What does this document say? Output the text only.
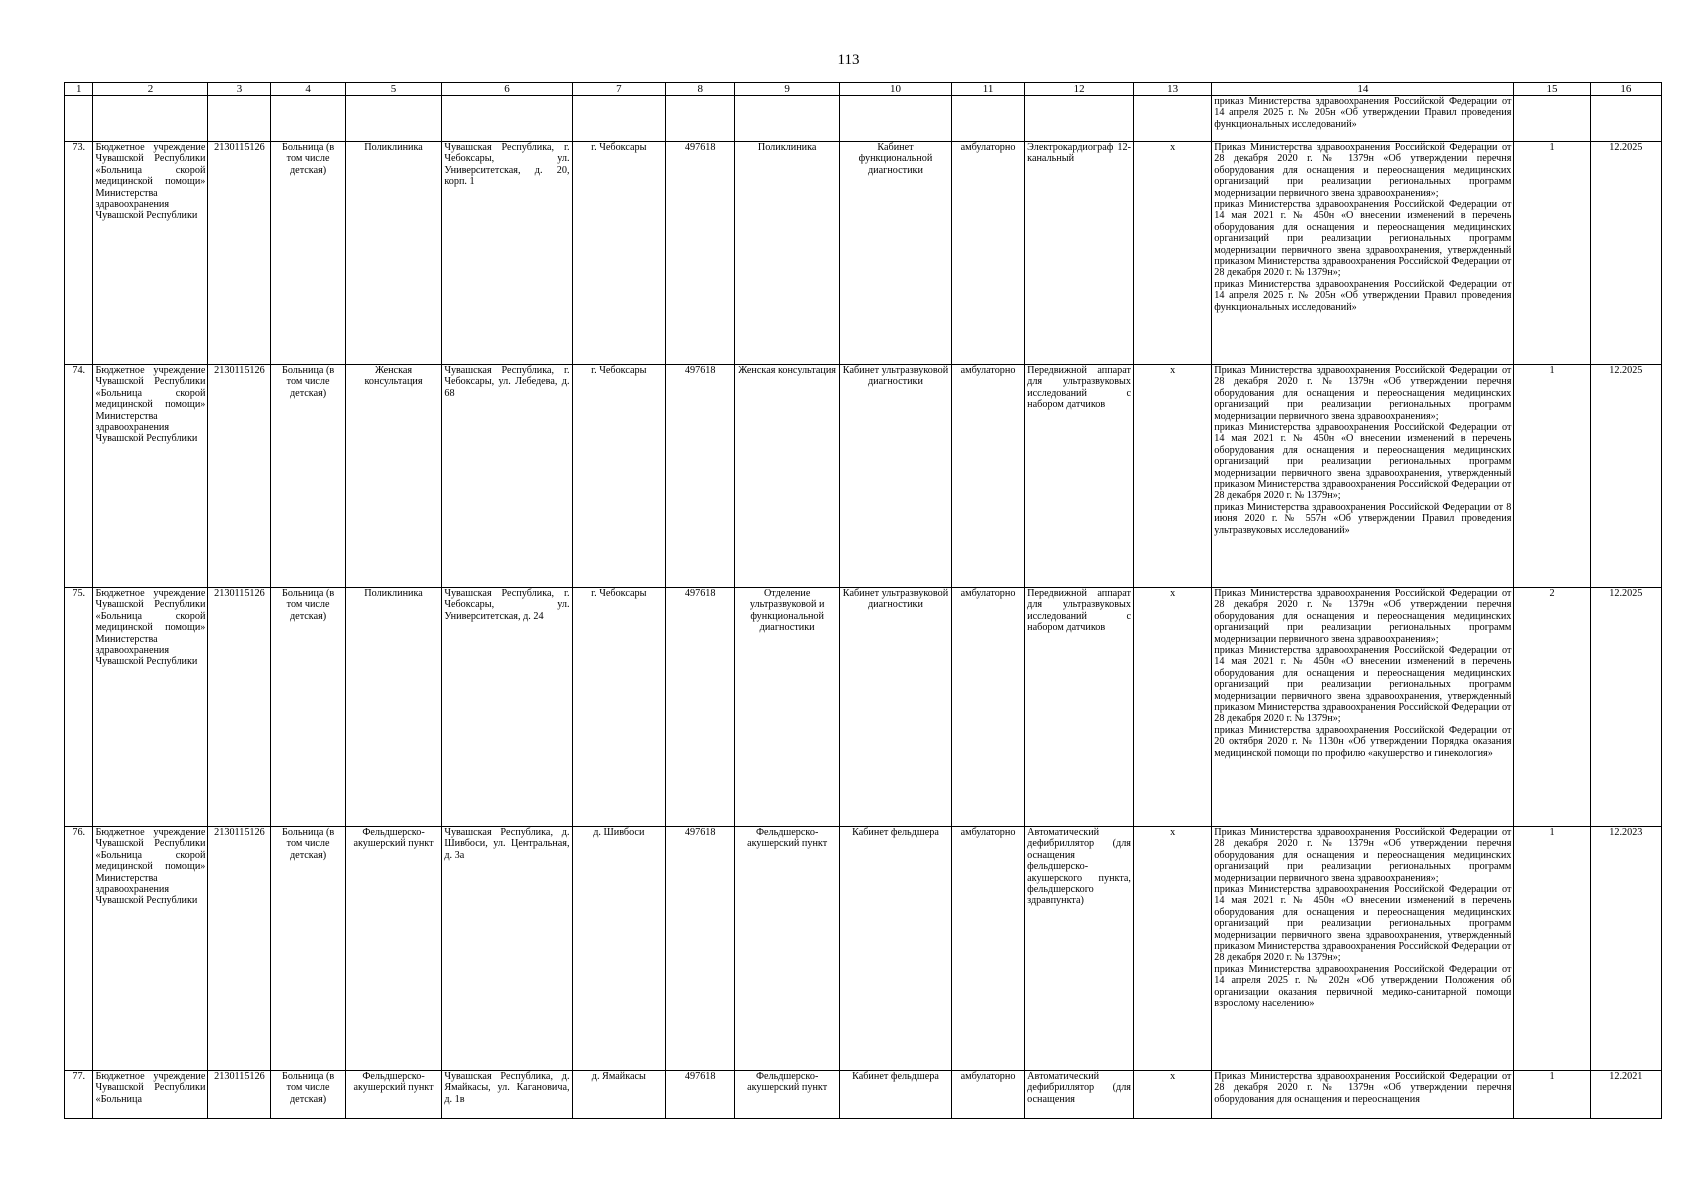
113
1	2	3	4	5	6	7	8	9	10	11	12	13	14	15	16
													приказ Министерства здравоохранения Российской Федерации от 14 апреля 2025 г. № 205н «Об утверждении Правил проведения функциональных исследований»		
73.	Бюджетное учреждение Чувашской Республики «Больница скорой медицинской помощи» Министерства здравоохранения Чувашской Республики	2130115126	Больница (в том числе детская)	Поликлиника	Чувашская Республика, г. Чебоксары, ул. Университетская, д. 20, корп. 1	г. Чебоксары	497618	Поликлиника	Кабинет функциональной диагностики	амбулаторно	Электрокардиограф 12-канальный	х	Приказ Министерства здравоохранения Российской Федерации от 28 декабря 2020 г. № 1379н «Об утверждении перечня оборудования для оснащения и переоснащения медицинских организаций при реализации региональных программ модернизации первичного звена здравоохранения»;

приказ Министерства здравоохранения Российской Федерации от 14 мая 2021 г. № 450н «О внесении изменений в перечень оборудования для оснащения и переоснащения медицинских организаций при реализации региональных программ модернизации первичного звена здравоохранения, утвержденный приказом Министерства здравоохранения Российской Федерации от 28 декабря 2020 г. № 1379н»;

приказ Министерства здравоохранения Российской Федерации от 14 апреля 2025 г. № 205н «Об утверждении Правил проведения функциональных исследований»	1	12.2025
74.	Бюджетное учреждение Чувашской Республики «Больница скорой медицинской помощи» Министерства здравоохранения Чувашской Республики	2130115126	Больница (в том числе детская)	Женская консультация	Чувашская Республика, г. Чебоксары, ул. Лебедева, д. 68	г. Чебоксары	497618	Женская консультация	Кабинет ультразвуковой диагностики	амбулаторно	Передвижной аппарат для ультразвуковых исследований с набором датчиков	х	Приказ Министерства здравоохранения Российской Федерации от 28 декабря 2020 г. № 1379н «Об утверждении перечня оборудования для оснащения и переоснащения медицинских организаций при реализации региональных программ модернизации первичного звена здравоохранения»;

приказ Министерства здравоохранения Российской Федерации от 14 мая 2021 г. № 450н «О внесении изменений в перечень оборудования для оснащения и переоснащения медицинских организаций при реализации региональных программ модернизации первичного звена здравоохранения, утвержденный приказом Министерства здравоохранения Российской Федерации от 28 декабря 2020 г. № 1379н»;

приказ Министерства здравоохранения Российской Федерации от 8 июня 2020 г. № 557н «Об утверждении Правил проведения ультразвуковых исследований»	1	12.2025
75.	Бюджетное учреждение Чувашской Республики «Больница скорой медицинской помощи» Министерства здравоохранения Чувашской Республики	2130115126	Больница (в том числе детская)	Поликлиника	Чувашская Республика, г. Чебоксары, ул. Университетская, д. 24	г. Чебоксары	497618	Отделение ультразвуковой и функциональной диагностики	Кабинет ультразвуковой диагностики	амбулаторно	Передвижной аппарат для ультразвуковых исследований с набором датчиков	х	Приказ Министерства здравоохранения Российской Федерации от 28 декабря 2020 г. № 1379н «Об утверждении перечня оборудования для оснащения и переоснащения медицинских организаций при реализации региональных программ модернизации первичного звена здравоохранения»;

приказ Министерства здравоохранения Российской Федерации от 14 мая 2021 г. № 450н «О внесении изменений в перечень оборудования для оснащения и переоснащения медицинских организаций при реализации региональных программ модернизации первичного звена здравоохранения, утвержденный приказом Министерства здравоохранения Российской Федерации от 28 декабря 2020 г. № 1379н»;

приказ Министерства здравоохранения Российской Федерации от 20 октября 2020 г. № 1130н «Об утверждении Порядка оказания медицинской помощи по профилю «акушерство и гинекология»	2	12.2025
76.	Бюджетное учреждение Чувашской Республики «Больница скорой медицинской помощи» Министерства здравоохранения Чувашской Республики	2130115126	Больница (в том числе детская)	Фельдшерско-акушерский пункт	Чувашская Республика, д. Шивбоси, ул. Центральная, д. 3а	д. Шивбоси	497618	Фельдшерско-акушерский пункт	Кабинет фельдшера	амбулаторно	Автоматический дефибриллятор (для оснащения фельдшерско-акушерского пункта, фельдшерского здравпункта)	х	Приказ Министерства здравоохранения Российской Федерации от 28 декабря 2020 г. № 1379н «Об утверждении перечня оборудования для оснащения и переоснащения медицинских организаций при реализации региональных программ модернизации первичного звена здравоохранения»;

приказ Министерства здравоохранения Российской Федерации от 14 мая 2021 г. № 450н «О внесении изменений в перечень оборудования для оснащения и переоснащения медицинских организаций при реализации региональных программ модернизации первичного звена здравоохранения, утвержденный приказом Министерства здравоохранения Российской Федерации от 28 декабря 2020 г. № 1379н»;

приказ Министерства здравоохранения Российской Федерации от 14 апреля 2025 г. № 202н «Об утверждении Положения об организации оказания первичной медико-санитарной помощи взрослому населению»	1	12.2023
77.	Бюджетное учреждение Чувашской Республики «Больница	2130115126	Больница (в том числе детская)	Фельдшерско-акушерский пункт	Чувашская Республика, д. Ямайкасы, ул. Кагановича, д. 1в	д. Ямайкасы	497618	Фельдшерско-акушерский пункт	Кабинет фельдшера	амбулаторно	Автоматический дефибриллятор (для оснащения	х	Приказ Министерства здравоохранения Российской Федерации от 28 декабря 2020 г. № 1379н «Об утверждении перечня оборудования для оснащения и переоснащения	1	12.2021
